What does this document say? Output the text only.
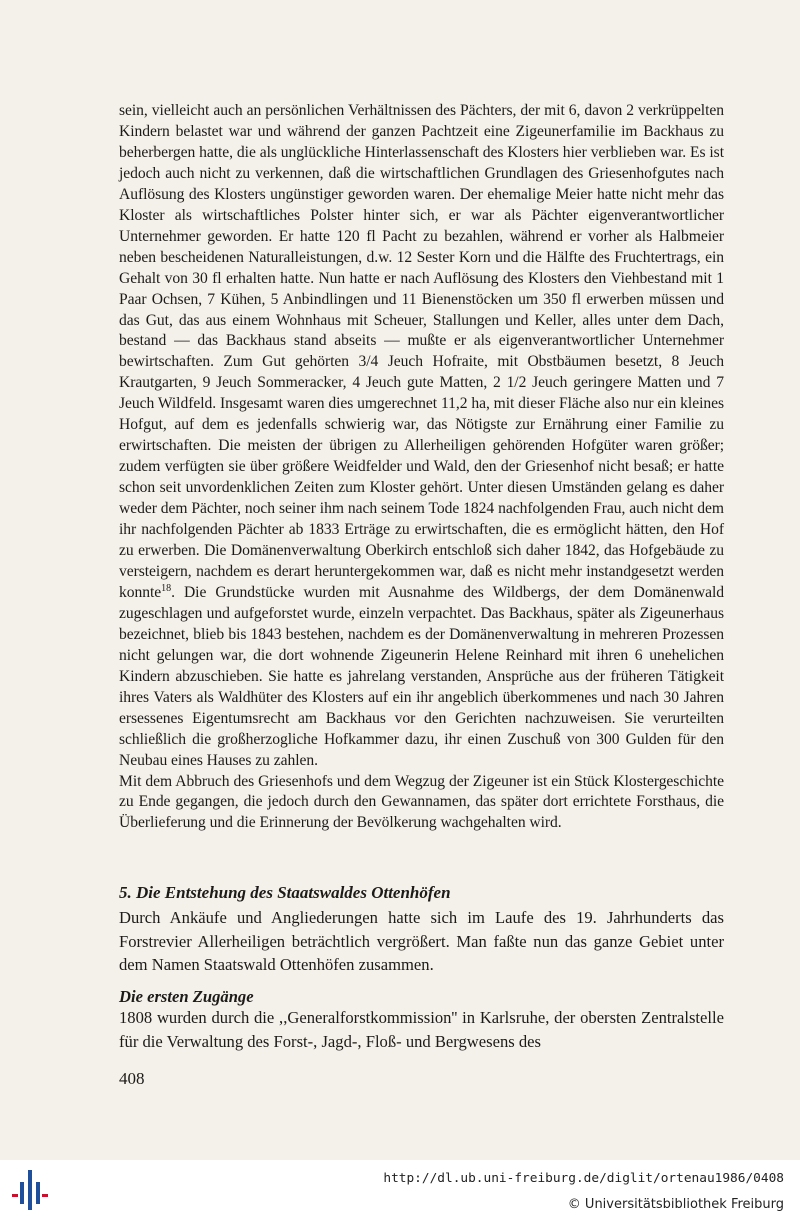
sein, vielleicht auch an persönlichen Verhältnissen des Pächters, der mit 6, davon 2 verkrüppelten Kindern belastet war und während der ganzen Pachtzeit eine Zigeunerfamilie im Backhaus zu beherbergen hatte, die als unglückliche Hinterlassenschaft des Klosters hier verblieben war. Es ist jedoch auch nicht zu verkennen, daß die wirtschaftlichen Grundlagen des Griesenhofgutes nach Auflösung des Klosters ungünstiger geworden waren. Der ehemalige Meier hatte nicht mehr das Kloster als wirtschaftliches Polster hinter sich, er war als Pächter eigenverantwortlicher Unternehmer geworden. Er hatte 120 fl Pacht zu bezahlen, während er vorher als Halbmeier neben bescheidenen Naturalleistungen, d.w. 12 Sester Korn und die Hälfte des Fruchtertrags, ein Gehalt von 30 fl erhalten hatte. Nun hatte er nach Auflösung des Klosters den Viehbestand mit 1 Paar Ochsen, 7 Kühen, 5 Anbindlingen und 11 Bienenstöcken um 350 fl erwerben müssen und das Gut, das aus einem Wohnhaus mit Scheuer, Stallungen und Keller, alles unter dem Dach, bestand — das Backhaus stand abseits — mußte er als eigenverantwortlicher Unternehmer bewirtschaften. Zum Gut gehörten 3/4 Jeuch Hofraite, mit Obstbäumen besetzt, 8 Jeuch Krautgarten, 9 Jeuch Sommeracker, 4 Jeuch gute Matten, 2 1/2 Jeuch geringere Matten und 7 Jeuch Wildfeld. Insgesamt waren dies umgerechnet 11,2 ha, mit dieser Fläche also nur ein kleines Hofgut, auf dem es jedenfalls schwierig war, das Nötigste zur Ernährung einer Familie zu erwirtschaften. Die meisten der übrigen zu Allerheiligen gehörenden Hofgüter waren größer; zudem verfügten sie über größere Weidfelder und Wald, den der Griesenhof nicht besaß; er hatte schon seit unvordenklichen Zeiten zum Kloster gehört. Unter diesen Umständen gelang es daher weder dem Pächter, noch seiner ihm nach seinem Tode 1824 nachfolgenden Frau, auch nicht dem ihr nachfolgenden Pächter ab 1833 Erträge zu erwirtschaften, die es ermöglicht hätten, den Hof zu erwerben. Die Domänenverwaltung Oberkirch entschloß sich daher 1842, das Hofgebäude zu versteigern, nachdem es derart heruntergekommen war, daß es nicht mehr instandgesetzt werden konnte$^{18}$. Die Grundstücke wurden mit Ausnahme des Wildbergs, der dem Domänenwald zugeschlagen und aufgeforstet wurde, einzeln verpachtet. Das Backhaus, später als Zigeunerhaus bezeichnet, blieb bis 1843 bestehen, nachdem es der Domänenverwaltung in mehreren Prozessen nicht gelungen war, die dort wohnende Zigeunerin Helene Reinhard mit ihren 6 unehelichen Kindern abzuschieben. Sie hatte es jahrelang verstanden, Ansprüche aus der früheren Tätigkeit ihres Vaters als Waldhüter des Klosters auf ein ihr angeblich überkommenes und nach 30 Jahren ersessenes Eigentumsrecht am Backhaus vor den Gerichten nachzuweisen. Sie verurteilten schließlich die großherzogliche Hofkammer dazu, ihr einen Zuschuß von 300 Gulden für den Neubau eines Hauses zu zahlen.

Mit dem Abbruch des Griesenhofs und dem Wegzug der Zigeuner ist ein Stück Klostergeschichte zu Ende gegangen, die jedoch durch den Gewannamen, das später dort errichtete Forsthaus, die Überlieferung und die Erinnerung der Bevölkerung wachgehalten wird.

5. Die Entstehung des Staatswaldes Ottenhöfen

Durch Ankäufe und Angliederungen hatte sich im Laufe des 19. Jahrhunderts das Forstrevier Allerheiligen beträchtlich vergrößert. Man faßte nun das ganze Gebiet unter dem Namen Staatswald Ottenhöfen zusammen.

Die ersten Zugänge

1808 wurden durch die ,,Generalforstkommission'' in Karlsruhe, der obersten Zentralstelle für die Verwaltung des Forst-, Jagd-, Floß- und Bergwesens des

408
http://dl.ub.uni-freiburg.de/diglit/ortenau1986/0408
© Universitätsbibliothek Freiburg
